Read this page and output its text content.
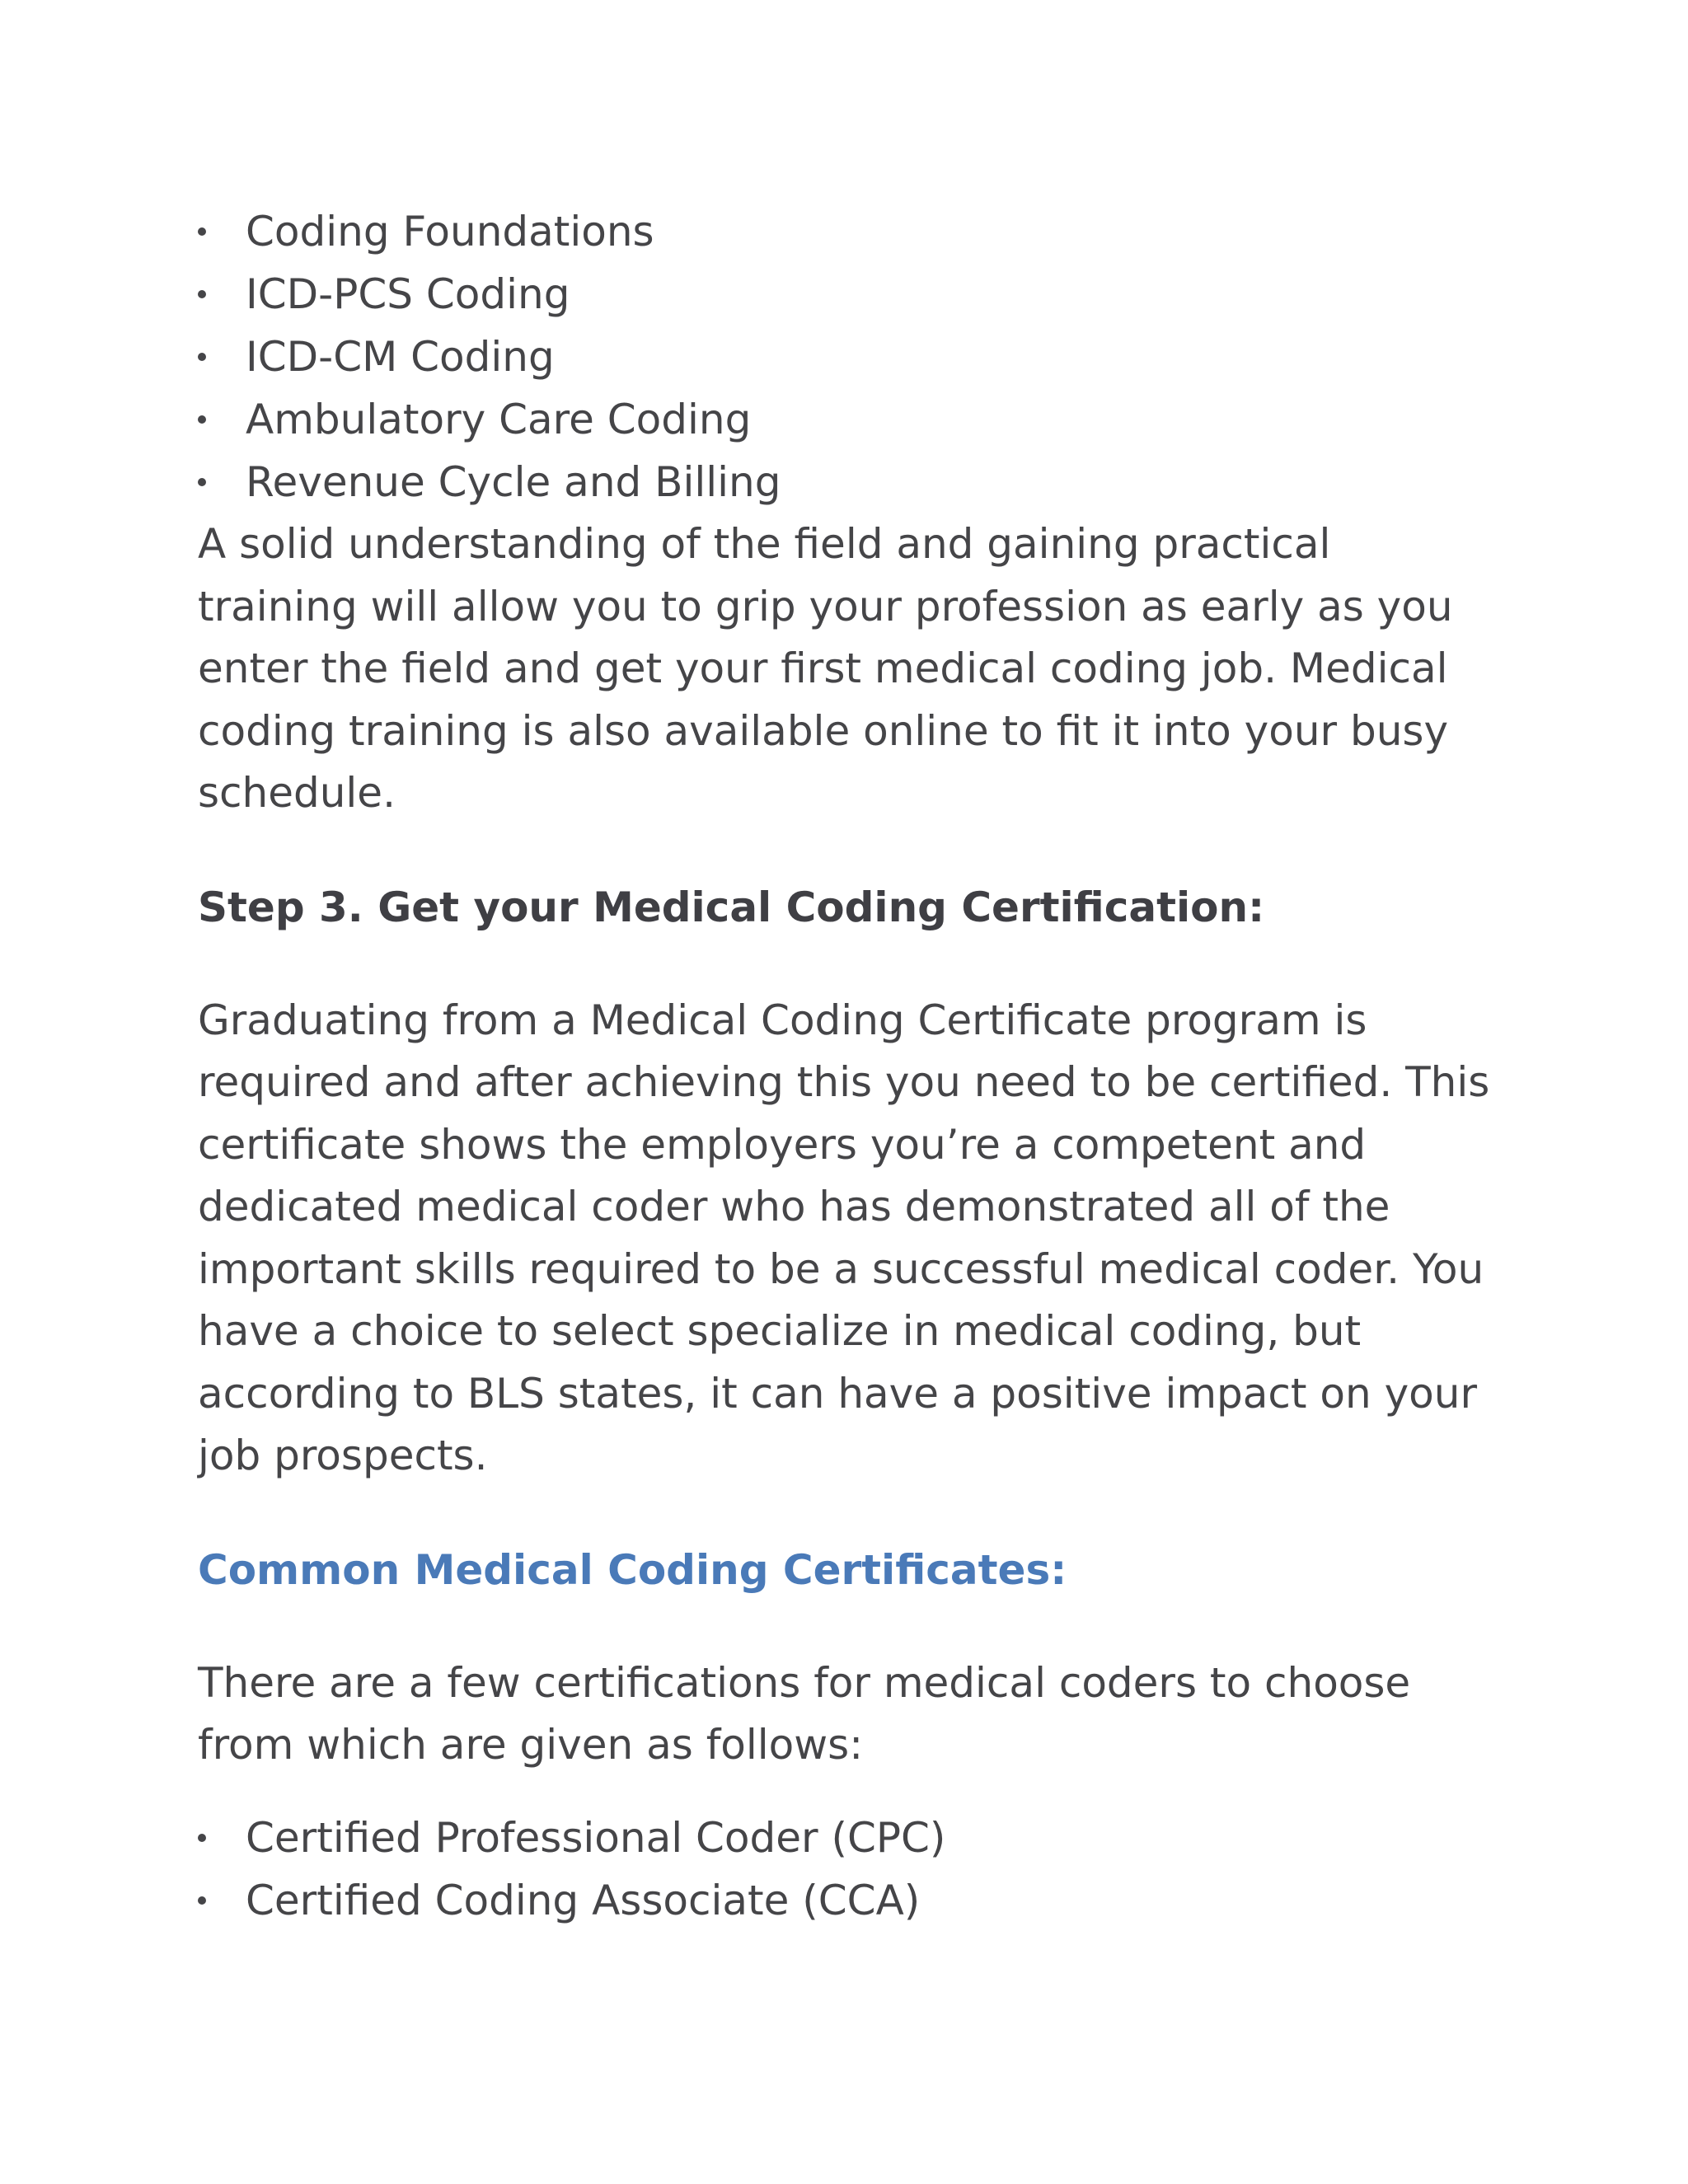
Coding Foundations
ICD-PCS Coding
ICD-CM Coding
Ambulatory Care Coding
Revenue Cycle and Billing

A solid understanding of the field and gaining practical training will allow you to grip your profession as early as you enter the field and get your first medical coding job. Medical coding training is also available online to fit it into your busy schedule.

Step 3. Get your Medical Coding Certification:

Graduating from a Medical Coding Certificate program is required and after achieving this you need to be certified. This certificate shows the employers you’re a competent and dedicated medical coder who has demonstrated all of the important skills required to be a successful medical coder. You have a choice to select specialize in medical coding, but according to BLS states, it can have a positive impact on your job prospects.

Common Medical Coding Certificates:

There are a few certifications for medical coders to choose from which are given as follows:

Certified Professional Coder (CPC)
Certified Coding Associate (CCA)
